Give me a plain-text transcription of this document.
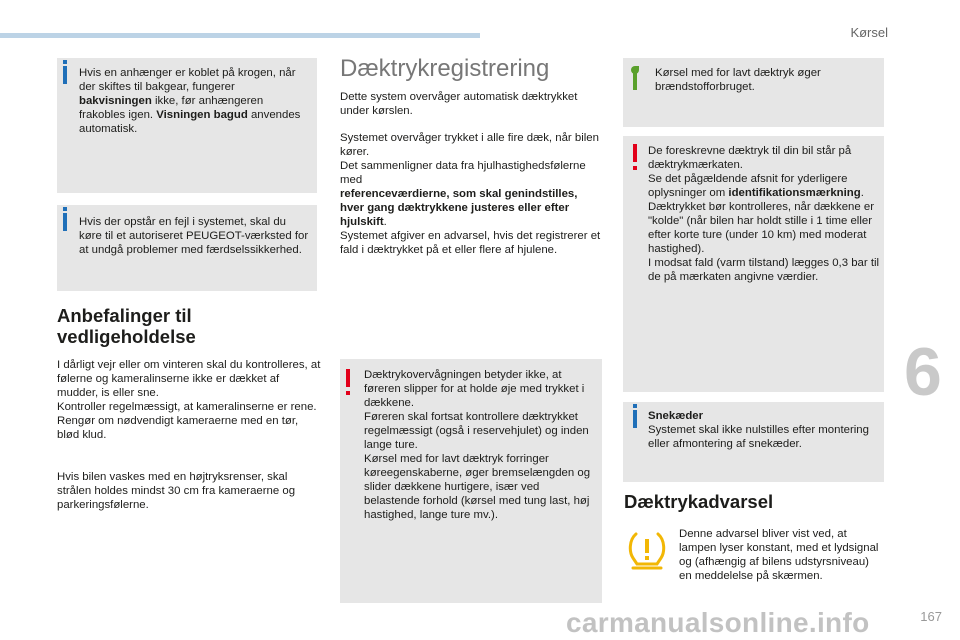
Kørsel
6

Hvis en anhænger er koblet på krogen, når der skiftes til bakgear, fungerer bakvisningen ikke, før anhængeren frakobles igen. Visningen bagud anvendes automatisk.

Hvis der opstår en fejl i systemet, skal du køre til et autoriseret PEUGEOT-værksted for at undgå problemer med færdselssikkerhed.

Anbefalinger til
vedligeholdelse

I dårligt vejr eller om vinteren skal du kontrolleres, at følerne og kameralinserne ikke er dækket af mudder, is eller sne.

Kontroller regelmæssigt, at kameralinserne er rene.

Rengør om nødvendigt kameraerne med en tør, blød klud.

Hvis bilen vaskes med en højtryksrenser, skal strålen holdes mindst 30 cm fra kameraerne og parkeringsfølerne.

Dæktrykregistrering

Dette system overvåger automatisk dæktrykket under kørslen.

Systemet overvåger trykket i alle fire dæk, når bilen kører.

Det sammenligner data fra hjulhastighedsfølerne med

referenceværdierne, som skal genindstilles, hver gang dæktrykkene justeres eller efter hjulskift.

Systemet afgiver en advarsel, hvis det registrerer et fald i dæktrykket på et eller flere af hjulene.

Dæktrykovervågningen betyder ikke, at føreren slipper for at holde øje med trykket i dækkene.

Føreren skal fortsat kontrollere dæktrykket regelmæssigt (også i reservehjulet) og inden lange ture.

Kørsel med for lavt dæktryk forringer køreegenskaberne, øger bremselængden og slider dækkene hurtigere, især ved belastende forhold (kørsel med tung last, høj hastighed, lange ture mv.).

Kørsel med for lavt dæktryk øger brændstofforbruget.

De foreskrevne dæktryk til din bil står på dæktrykmærkaten.

Se det pågældende afsnit for yderligere oplysninger om identifikationsmærkning.

Dæktrykket bør kontrolleres, når dækkene er "kolde" (når bilen har holdt stille i 1 time eller efter korte ture (under 10 km) med moderat hastighed).

I modsat fald (varm tilstand) lægges 0,3 bar til de på mærkaten angivne værdier.

Snekæder

Systemet skal ikke nulstilles efter montering eller afmontering af snekæder.

Dæktrykadvarsel

Denne advarsel bliver vist ved, at lampen lyser konstant, med et lydsignal og (afhængig af bilens udstyrsniveau) en meddelelse på skærmen.

carmanualsonline.info	167
